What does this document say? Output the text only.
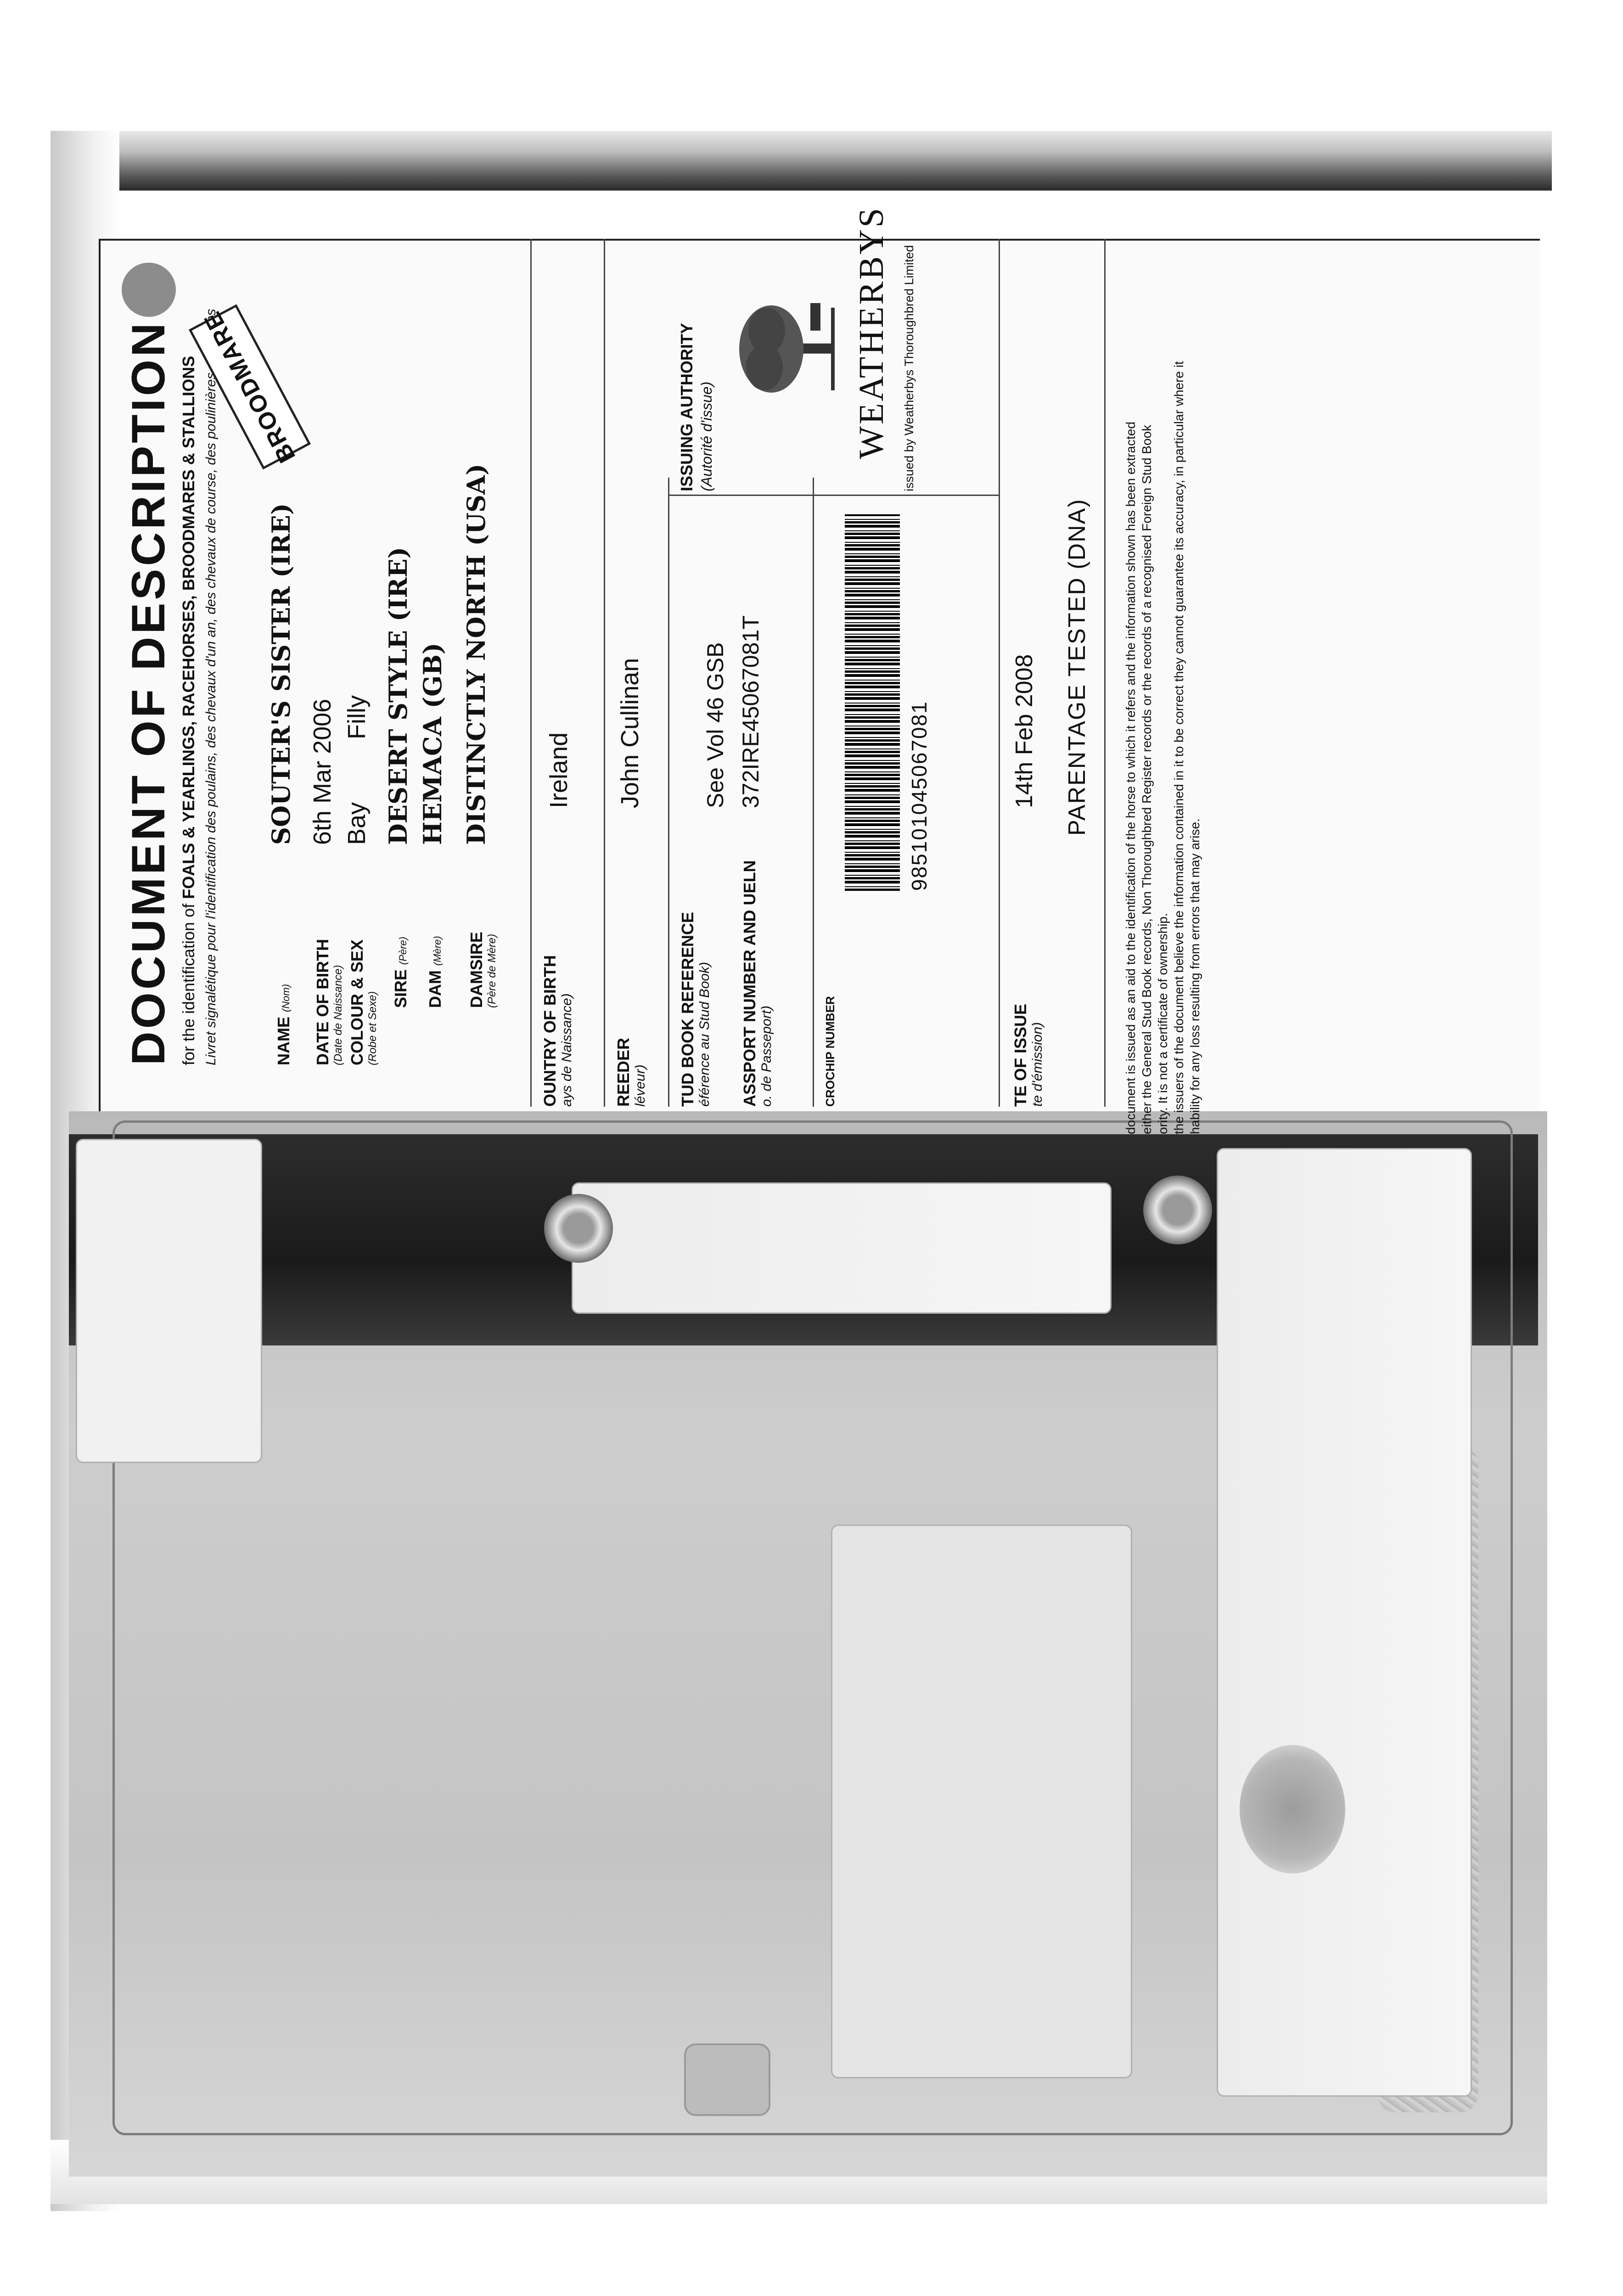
DOCUMENT OF DESCRIPTION for the identification of FOALS & YEARLINGS, RACEHORSES, BROODMARES & STALLIONS Livret signalétique pour l'identification des poulains, des chevaux d'un an, des chevaux de course, des poulinières et étalons
BROODMARE
NAME (Nom)
SOUTER'S SISTER (IRE)
DATE OF BIRTH (Date de Naissance)
6th Mar 2006
COLOUR & SEX (Robe et Sexe)
Bay
Filly
SIRE (Père)
DESERT STYLE (IRE)
DAM (Mère)
HEMACA (GB)
DAMSIRE (Père de Mère)
DISTINCTLY NORTH (USA)
OUNTRY OF BIRTH ays de Naissance)
Ireland
REEDER léveur)
John Cullinan
TUD BOOK REFERENCE éférence au Stud Book)
See Vol 46 GSB
ASSPORT NUMBER AND UELN o. de Passeport)
372IRE45067081T
CROCHIP NUMBER
ISSUING AUTHORITY (Autorité d'issue)	WEATHERBYS issued by Weatherbys Thoroughbred Limited
985101045067081
TE OF ISSUE te d'émission)
14th Feb 2008 PARENTAGE TESTED (DNA)	document is issued as an aid to the identification of the horse to which it refers and the information shown has been extracted either the General Stud Book records, Non Thoroughbred Register records or the records of a recognised Foreign Stud Book ority. It is not a certificate of ownership. the issuers of the document believe the information contained in it to be correct they cannot guarantee its accuracy, in particular where it hability for any loss resulting from errors that may arise.
